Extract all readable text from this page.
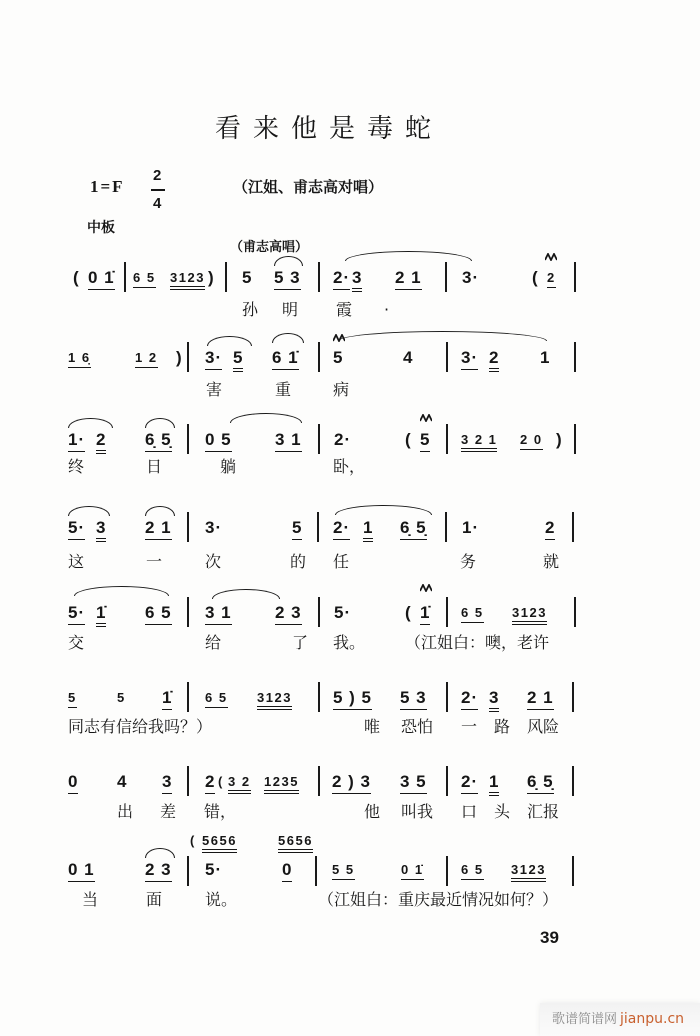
看来他是毒蛇
1=F
2
4
（江姐、甫志高对唱）
中板
（甫志高唱）
( 0 1̇ 6 5 3123 ) 5 5 3 2· 3 2 1 3·	( 2
孙 明 霞 ·
1 6̣	1 2 ) 3· 5 6 1̇ 5	4	3· 2 1
害	重	病
1· 2 6̣ 5̣ 0 5	3 1 2·	( 5 3 2 1 2 0 )
终	日	躺	卧，
5· 3 2 1 3·	5 2· 1 6̣ 5̣ 1·	2
这	一	次	的 任	务	就
5· 1̇ 6 5 3 1	2 3 5·	( 1̇ 6 5 3123
交	给	了 我。 （江姐白：噢，老许
5	5 1̇	6 5 3123 5 ) 5 5 3 2· 3 2 1
同志有信给我吗？）	唯 恐怕 一 路 风险
0 4 3 2 ( 3 2 1235 2 ) 3 3 5 2· 1 6̣ 5̣
出 差 错，	他 叫我 口 头 汇报
( 5656	5656
0 1	2 3 5·	0	5 5	0 1̇	6 5 3123
当	面	说。	（江姐白：重庆最近情况如何？）
39
歌谱简谱网 jianpu.cn
